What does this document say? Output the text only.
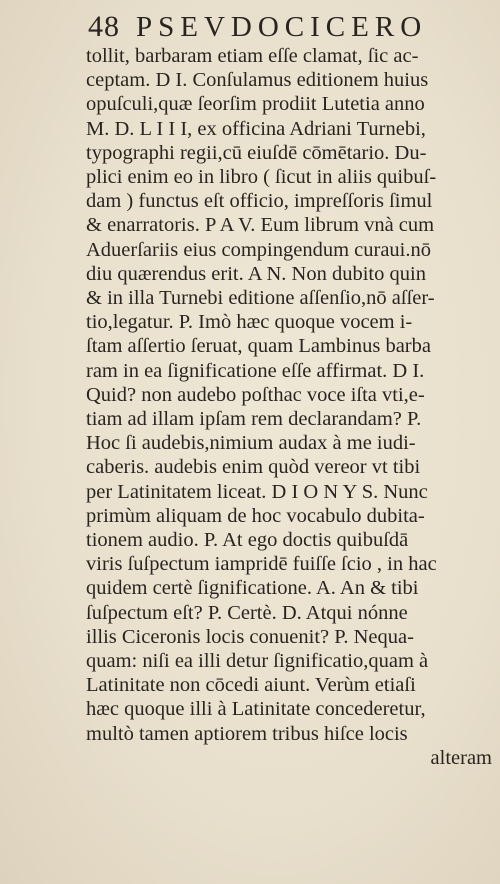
48 PSEVDOCICERO
tollit, barbaram etiam eſſe clamat, ſic ac-
ceptam. D I. Conſulamus editionem huius
opuſculi,quæ ſeorſim prodiit Lutetia anno
M. D. L I I I, ex officina Adriani Turnebi,
typographi regii,cū eiuſdē cōmētario. Du-
plici enim eo in libro ( ſicut in aliis quibuſ-
dam ) functus eſt officio, impreſſoris ſimul
& enarratoris. P A V. Eum librum vnà cum
Aduerſariis eius compingendum curaui.nō
diu quærendus erit. A N. Non dubito quin
& in illa Turnebi editione aſſenſio,nō aſſer-
tio,legatur. P. Imò hæc quoque vocem i-
ſtam aſſertio ſeruat, quam Lambinus barba
ram in ea ſignificatione eſſe affirmat. D I.
Quid? non audebo poſthac voce iſta vti,e-
tiam ad illam ipſam rem declarandam? P.
Hoc ſi audebis,nimium audax à me iudi-
caberis. audebis enim quòd vereor vt tibi
per Latinitatem liceat. D I O N Y S. Nunc
primùm aliquam de hoc vocabulo dubita-
tionem audio. P. At ego doctis quibuſdā
viris ſuſpectum iampridē fuiſſe ſcio , in hac
quidem certè ſignificatione. A. An & tibi
ſuſpectum eſt? P. Certè. D. Atqui nónne
illis Ciceronis locis conuenit? P. Nequa-
quam: niſi ea illi detur ſignificatio,quam à
Latinitate non cōcedi aiunt. Verùm etiaſi
hæc quoque illi à Latinitate concederetur,
multò tamen aptiorem tribus hiſce locis
alteram
